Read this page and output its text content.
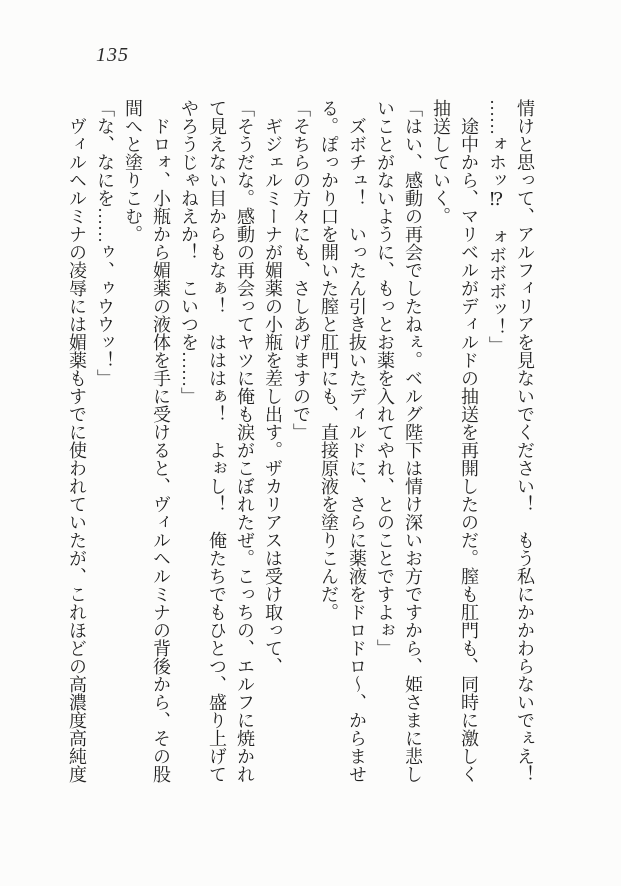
135

情けと思って、アルフィリアを見ないでください！　もう私にかかわらないでぇえ！

……ォホッ⁉　ォボボボッ！」

途中から、マリベルがディルドの抽送を再開したのだ。膣も肛門も、同時に激しく

抽送していく。

「はい、感動の再会でしたねぇ。ベルグ陛下は情け深いお方ですから、姫さまに悲し

いことがないように、もっとお薬を入れてやれ、とのことですよぉ」

ズボチュ！　いったん引き抜いたディルドに、さらに薬液をドロドロ〜、からませ

る。ぽっかり口を開いた膣と肛門にも、直接原液を塗りこんだ。

「そちらの方々にも、さしあげますので」

ギジェルミーナが媚薬の小瓶を差し出す。ザカリアスは受け取って、

「そうだな。感動の再会ってヤツに俺も涙がこぼれたぜ。こっちの、エルフに焼かれ

て見えない目からもなぁ！　はははぁ！　よぉし！　俺たちでもひとつ、盛り上げて

やろうじゃねえか！　こいつを……」

ドロォ、小瓶から媚薬の液体を手に受けると、ヴィルヘルミナの背後から、その股

間へと塗りこむ。

「な、なにを……ゥ、ゥウウッ！」

ヴィルヘルミナの凌辱には媚薬もすでに使われていたが、これほどの高濃度高純度
